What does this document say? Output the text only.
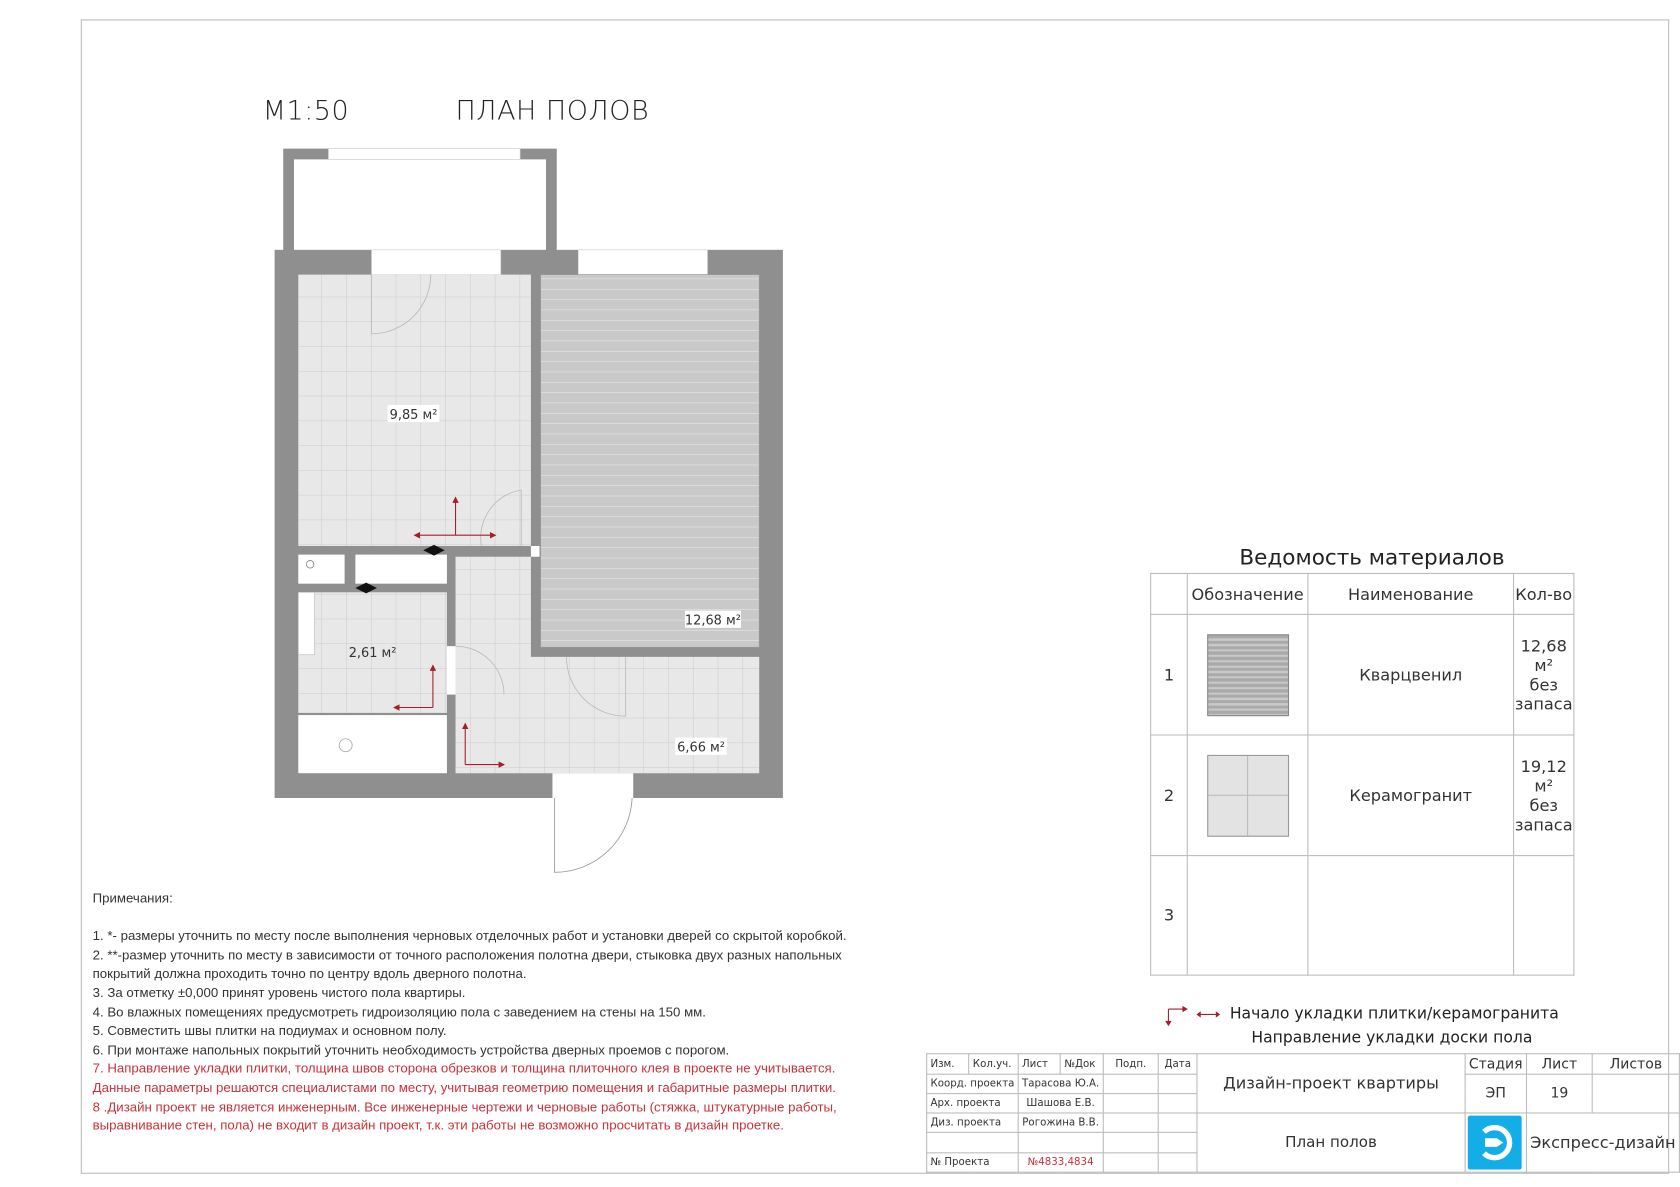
М1:50	ПЛАН ПОЛОВ
9,85 м²
12,68 м²
2,61 м²
6,66 м²
Примечания:
1. *- размеры уточнить по месту после выполнения черновых отделочных работ и установки дверей со скрытой коробкой.
2. **-размер уточнить по месту в зависимости от точного расположения полотна двери, стыковка двух разных напольных
покрытий должна проходить точно по центру вдоль дверного полотна.
3. За отметку ±0,000 принят уровень чистого пола квартиры.
4. Во влажных помещениях предусмотреть гидроизоляцию пола с заведением на стены на 150 мм.
5. Совместить швы плитки на подиумах и основном полу.
6. При монтаже напольных покрытий уточнить необходимость устройства дверных проемов с порогом.
7. Направление укладки плитки, толщина швов сторона обрезков и толщина плиточного клея в проекте не учитывается.
Данные параметры решаются специалистами по месту, учитывая геометрию помещения и габаритные размеры плитки.
8 .Дизайн проект не является инженерным. Все инженерные чертежи и черновые работы (стяжка, штукатурные работы,
выравнивание стен, пола) не входит в дизайн проект, т.к. эти работы не возможно просчитать в дизайн проетке.
Ведомость материалов
	Обозначение	Наименование	Кол-во
1		Кварцвенил	12,68 м²
без
запаса
2		Керамогранит	19,12 м²
без
запаса
3			
Начало укладки плитки/керамогранита
Направление укладки доски пола
Изм.	Кол.уч.	Лист	№Док	Подп.	Дата	Дизайн-проект квартиры	Стадия	Лист	Листов
Коорд. проекта		Тарасова Ю.А.					ЭП	19	
Арх. проекта		Шашова Е.В.							
Диз. проекта		Рогожина В.В.				План полов		Экспресс-дизайн	

№ Проекта		№4833,4834							
